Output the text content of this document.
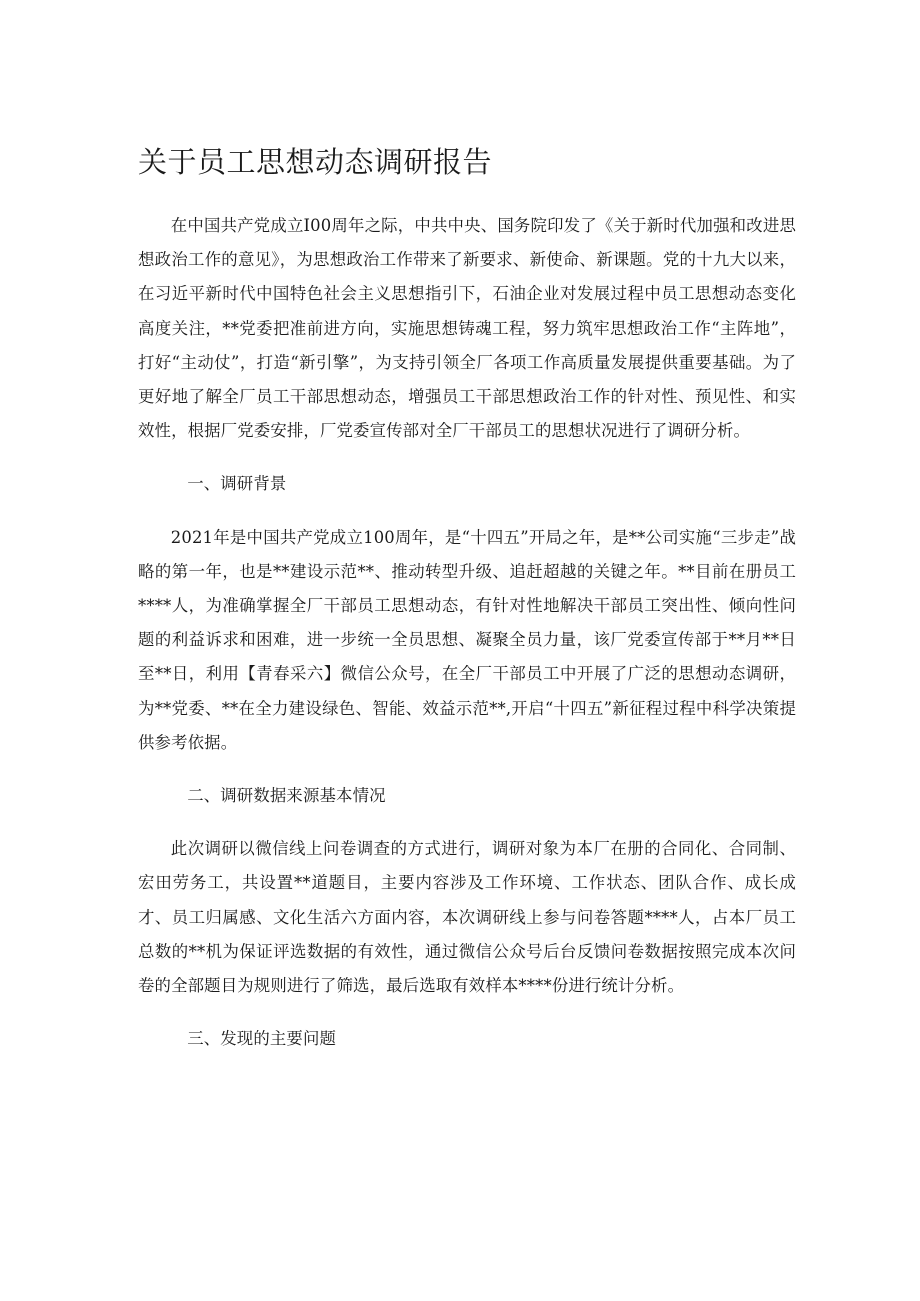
关于员工思想动态调研报告

在中国共产党成立I00周年之际，中共中央、国务院印发了《关于新时代加强和改进思想政治工作的意见》，为思想政治工作带来了新要求、新使命、新课题。党的十九大以来，在习近平新时代中国特色社会主义思想指引下，石油企业对发展过程中员工思想动态变化高度关注，**党委把准前进方向，实施思想铸魂工程，努力筑牢思想政治工作“主阵地”，打好“主动仗”，打造“新引擎”，为支持引领全厂各项工作高质量发展提供重要基础。为了更好地了解全厂员工干部思想动态，增强员工干部思想政治工作的针对性、预见性、和实效性，根据厂党委安排，厂党委宣传部对全厂干部员工的思想状况进行了调研分析。

一、调研背景

2021年是中国共产党成立100周年，是“十四五”开局之年，是**公司实施“三步走”战略的第一年，也是**建设示范**、推动转型升级、追赶超越的关键之年。**目前在册员工****人，为准确掌握全厂干部员工思想动态，有针对性地解决干部员工突出性、倾向性问题的利益诉求和困难，进一步统一全员思想、凝聚全员力量，该厂党委宣传部于**月**日至**日，利用【青春采六】微信公众号，在全厂干部员工中开展了广泛的思想动态调研，为**党委、**在全力建设绿色、智能、效益示范**,开启“十四五”新征程过程中科学决策提供参考依据。

二、调研数据来源基本情况

此次调研以微信线上问卷调查的方式进行，调研对象为本厂在册的合同化、合同制、宏田劳务工，共设置**道题目，主要内容涉及工作环境、工作状态、团队合作、成长成才、员工归属感、文化生活六方面内容，本次调研线上参与问卷答题****人，占本厂员工总数的**机为保证评选数据的有效性，通过微信公众号后台反馈问卷数据按照完成本次问卷的全部题目为规则进行了筛选，最后选取有效样本****份进行统计分析。

三、发现的主要问题
